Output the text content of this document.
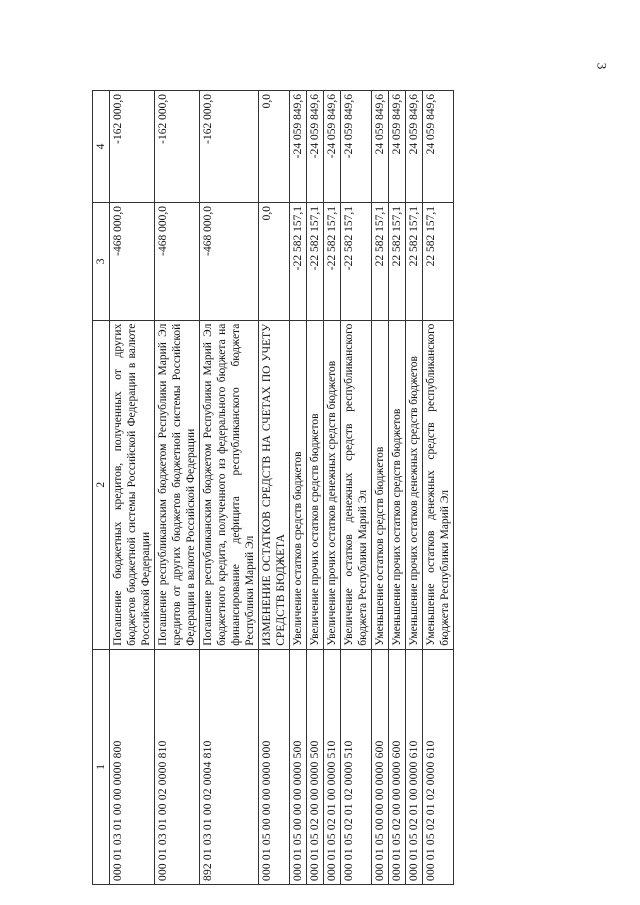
3
1	2	3	4
000 01 03 01 00 00 0000 800	Погашение бюджетных кредитов, полученных от других бюджетов бюджетной системы Российской Федерации в валюте Российской Федерации	-468 000,0	-162 000,0
000 01 03 01 00 02 0000 810	Погашение республиканским бюджетом Республики Марий Эл кредитов от других бюджетов бюджетной системы Российской Федерации в валюте Российской Федерации	-468 000,0	-162 000,0
892 01 03 01 00 02 0004 810	Погашение республиканским бюджетом Республики Марий Эл бюджетного кредита, полученного из федерального бюджета на финансирование дефицита республиканского бюджета Республики Марий Эл	-468 000,0	-162 000,0
000 01 05 00 00 00 0000 000	ИЗМЕНЕНИЕ ОСТАТКОВ СРЕДСТВ НА СЧЕТАХ ПО УЧЕТУ СРЕДСТВ БЮДЖЕТА	0,0	0,0
000 01 05 00 00 00 0000 500	Увеличение остатков средств бюджетов	-22 582 157,1	-24 059 849,6
000 01 05 02 00 00 0000 500	Увеличение прочих остатков средств бюджетов	-22 582 157,1	-24 059 849,6
000 01 05 02 01 00 0000 510	Увеличение прочих остатков денежных средств бюджетов	-22 582 157,1	-24 059 849,6
000 01 05 02 01 02 0000 510	Увеличение остатков денежных средств республиканского бюджета Республики Марий Эл	-22 582 157,1	-24 059 849,6
000 01 05 00 00 00 0000 600	Уменьшение остатков средств бюджетов	22 582 157,1	24 059 849,6
000 01 05 02 00 00 0000 600	Уменьшение прочих остатков средств бюджетов	22 582 157,1	24 059 849,6
000 01 05 02 01 00 0000 610	Уменьшение прочих остатков денежных средств бюджетов	22 582 157,1	24 059 849,6
000 01 05 02 01 02 0000 610	Уменьшение остатков денежных средств республиканского бюджета Республики Марий Эл	22 582 157,1	24 059 849,6
